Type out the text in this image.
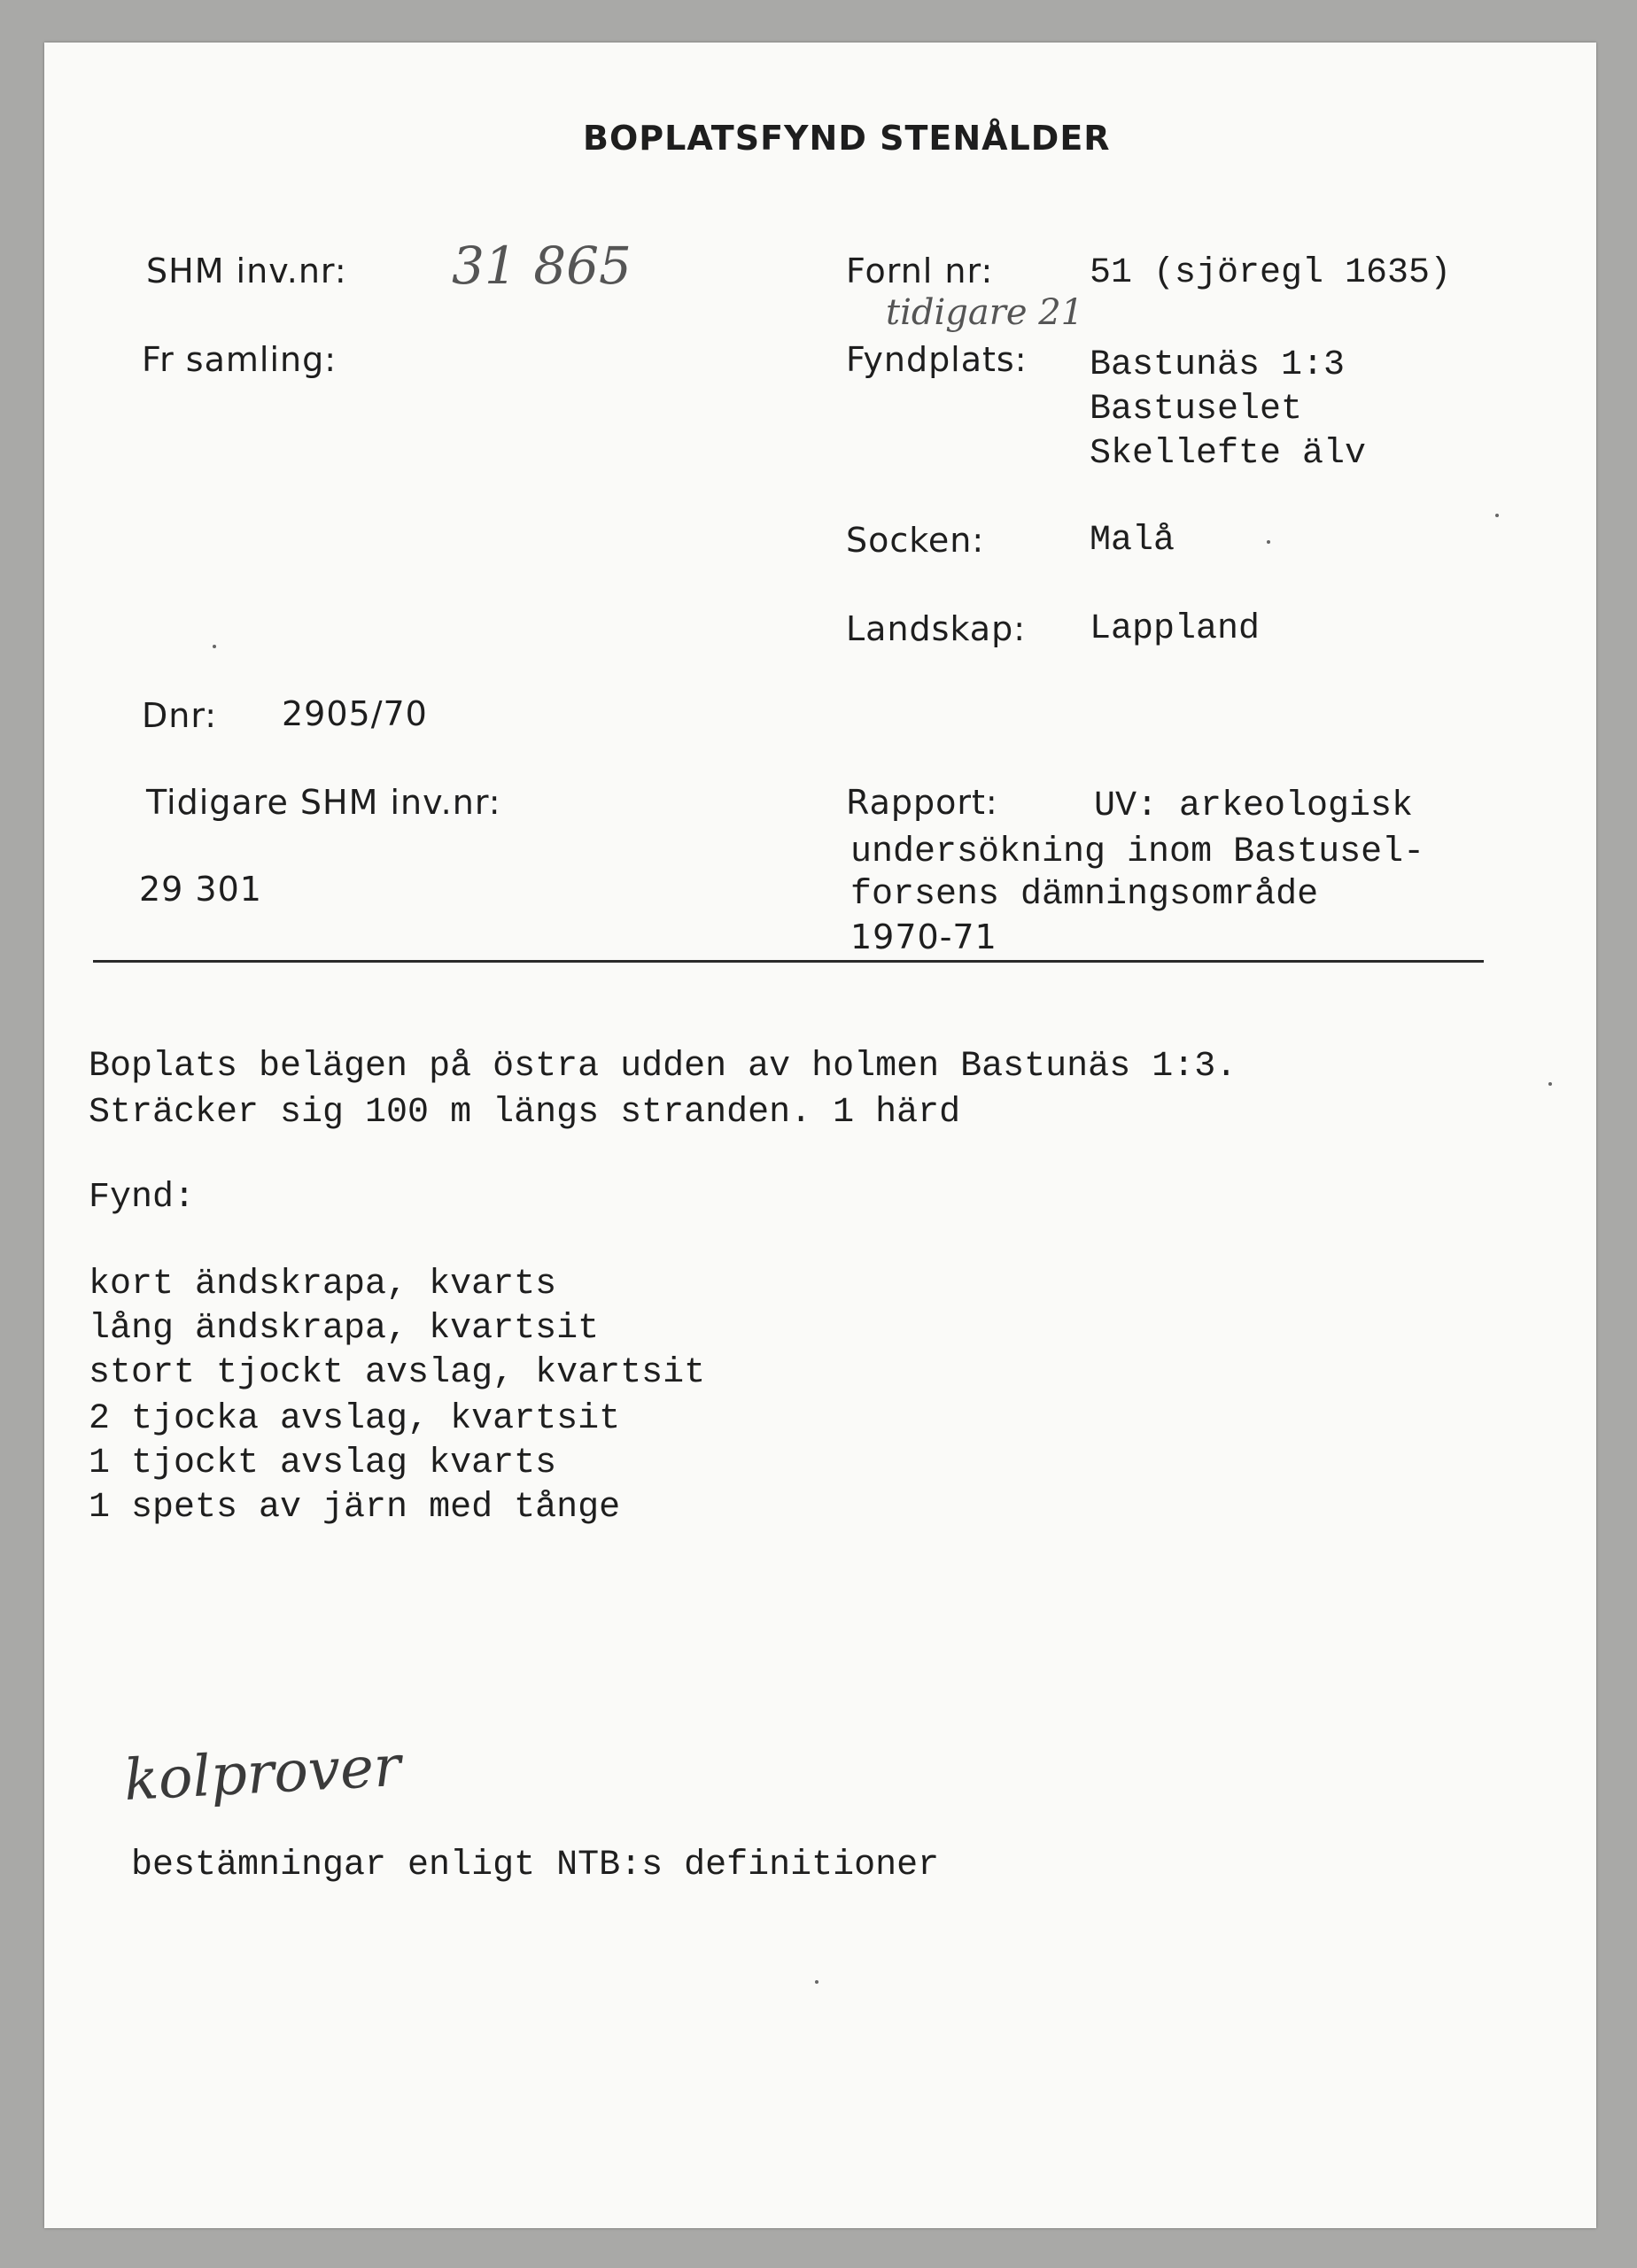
BOPLATSFYND STENÅLDER
SHM inv.nr: 31 865
Fr samling:
Dnr: 2905/70
Tidigare SHM inv.nr:
29 301
Fornl nr:	51 (sjöregl 1635)
tidigare 21
Fyndplats: Bastunäs 1:3
Bastuselet
Skellefte älv
Socken:	Malå
Landskap: Lappland
Rapport:	UV: arkeologisk
undersökning inom Bastusel-
forsens dämningsområde
1970-71
Boplats belägen på östra udden av holmen Bastunäs 1:3.
Sträcker sig 100 m längs stranden. 1 härd
Fynd:
kort ändskrapa, kvarts
lång ändskrapa, kvartsit
stort tjockt avslag, kvartsit
2 tjocka avslag, kvartsit
1 tjockt avslag kvarts
1 spets av järn med tånge
kolprover
bestämningar enligt NTB:s definitioner
